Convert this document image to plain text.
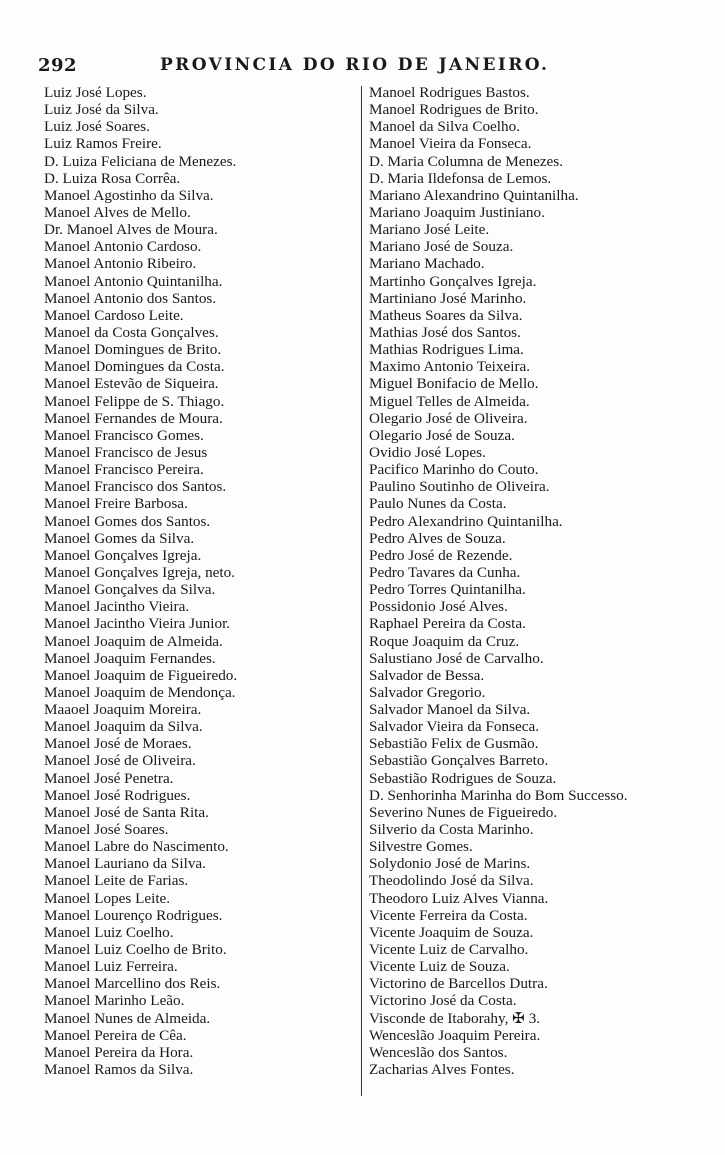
292	PROVINCIA DO RIO DE JANEIRO.
Luiz José Lopes.
Luiz José da Silva.
Luiz José Soares.
Luiz Ramos Freire.
D. Luiza Feliciana de Menezes.
D. Luiza Rosa Corrêa.
Manoel Agostinho da Silva.
Manoel Alves de Mello.
Dr. Manoel Alves de Moura.
Manoel Antonio Cardoso.
Manoel Antonio Ribeiro.
Manoel Antonio Quintanilha.
Manoel Antonio dos Santos.
Manoel Cardoso Leite.
Manoel da Costa Gonçalves.
Manoel Domingues de Brito.
Manoel Domingues da Costa.
Manoel Estevão de Siqueira.
Manoel Felippe de S. Thiago.
Manoel Fernandes de Moura.
Manoel Francisco Gomes.
Manoel Francisco de Jesus
Manoel Francisco Pereira.
Manoel Francisco dos Santos.
Manoel Freire Barbosa.
Manoel Gomes dos Santos.
Manoel Gomes da Silva.
Manoel Gonçalves Igreja.
Manoel Gonçalves Igreja, neto.
Manoel Gonçalves da Silva.
Manoel Jacintho Vieira.
Manoel Jacintho Vieira Junior.
Manoel Joaquim de Almeida.
Manoel Joaquim Fernandes.
Manoel Joaquim de Figueiredo.
Manoel Joaquim de Mendonça.
Maaoel Joaquim Moreira.
Manoel Joaquim da Silva.
Manoel José de Moraes.
Manoel José de Oliveira.
Manoel José Penetra.
Manoel José Rodrigues.
Manoel José de Santa Rita.
Manoel José Soares.
Manoel Labre do Nascimento.
Manoel Lauriano da Silva.
Manoel Leite de Farias.
Manoel Lopes Leite.
Manoel Lourenço Rodrigues.
Manoel Luiz Coelho.
Manoel Luiz Coelho de Brito.
Manoel Luiz Ferreira.
Manoel Marcellino dos Reis.
Manoel Marinho Leão.
Manoel Nunes de Almeida.
Manoel Pereira de Cêa.
Manoel Pereira da Hora.
Manoel Ramos da Silva.
Manoel Rodrigues Bastos.
Manoel Rodrigues de Brito.
Manoel da Silva Coelho.
Manoel Vieira da Fonseca.
D. Maria Columna de Menezes.
D. Maria Ildefonsa de Lemos.
Mariano Alexandrino Quintanilha.
Mariano Joaquim Justiniano.
Mariano José Leite.
Mariano José de Souza.
Mariano Machado.
Martinho Gonçalves Igreja.
Martiniano José Marinho.
Matheus Soares da Silva.
Mathias José dos Santos.
Mathias Rodrigues Lima.
Maximo Antonio Teixeira.
Miguel Bonifacio de Mello.
Miguel Telles de Almeida.
Olegario José de Oliveira.
Olegario José de Souza.
Ovidio José Lopes.
Pacifico Marinho do Couto.
Paulino Soutinho de Oliveira.
Paulo Nunes da Costa.
Pedro Alexandrino Quintanilha.
Pedro Alves de Souza.
Pedro José de Rezende.
Pedro Tavares da Cunha.
Pedro Torres Quintanilha.
Possidonio José Alves.
Raphael Pereira da Costa.
Roque Joaquim da Cruz.
Salustiano José de Carvalho.
Salvador de Bessa.
Salvador Gregorio.
Salvador Manoel da Silva.
Salvador Vieira da Fonseca.
Sebastião Felix de Gusmão.
Sebastião Gonçalves Barreto.
Sebastião Rodrigues de Souza.
D. Senhorinha Marinha do Bom Successo.
Severino Nunes de Figueiredo.
Silverio da Costa Marinho.
Silvestre Gomes.
Solydonio José de Marins.
Theodolindo José da Silva.
Theodoro Luiz Alves Vianna.
Vicente Ferreira da Costa.
Vicente Joaquim de Souza.
Vicente Luiz de Carvalho.
Vicente Luiz de Souza.
Victorino de Barcellos Dutra.
Victorino José da Costa.
Visconde de Itaborahy, ✠ 3.
Wenceslão Joaquim Pereira.
Wenceslão dos Santos.
Zacharias Alves Fontes.
